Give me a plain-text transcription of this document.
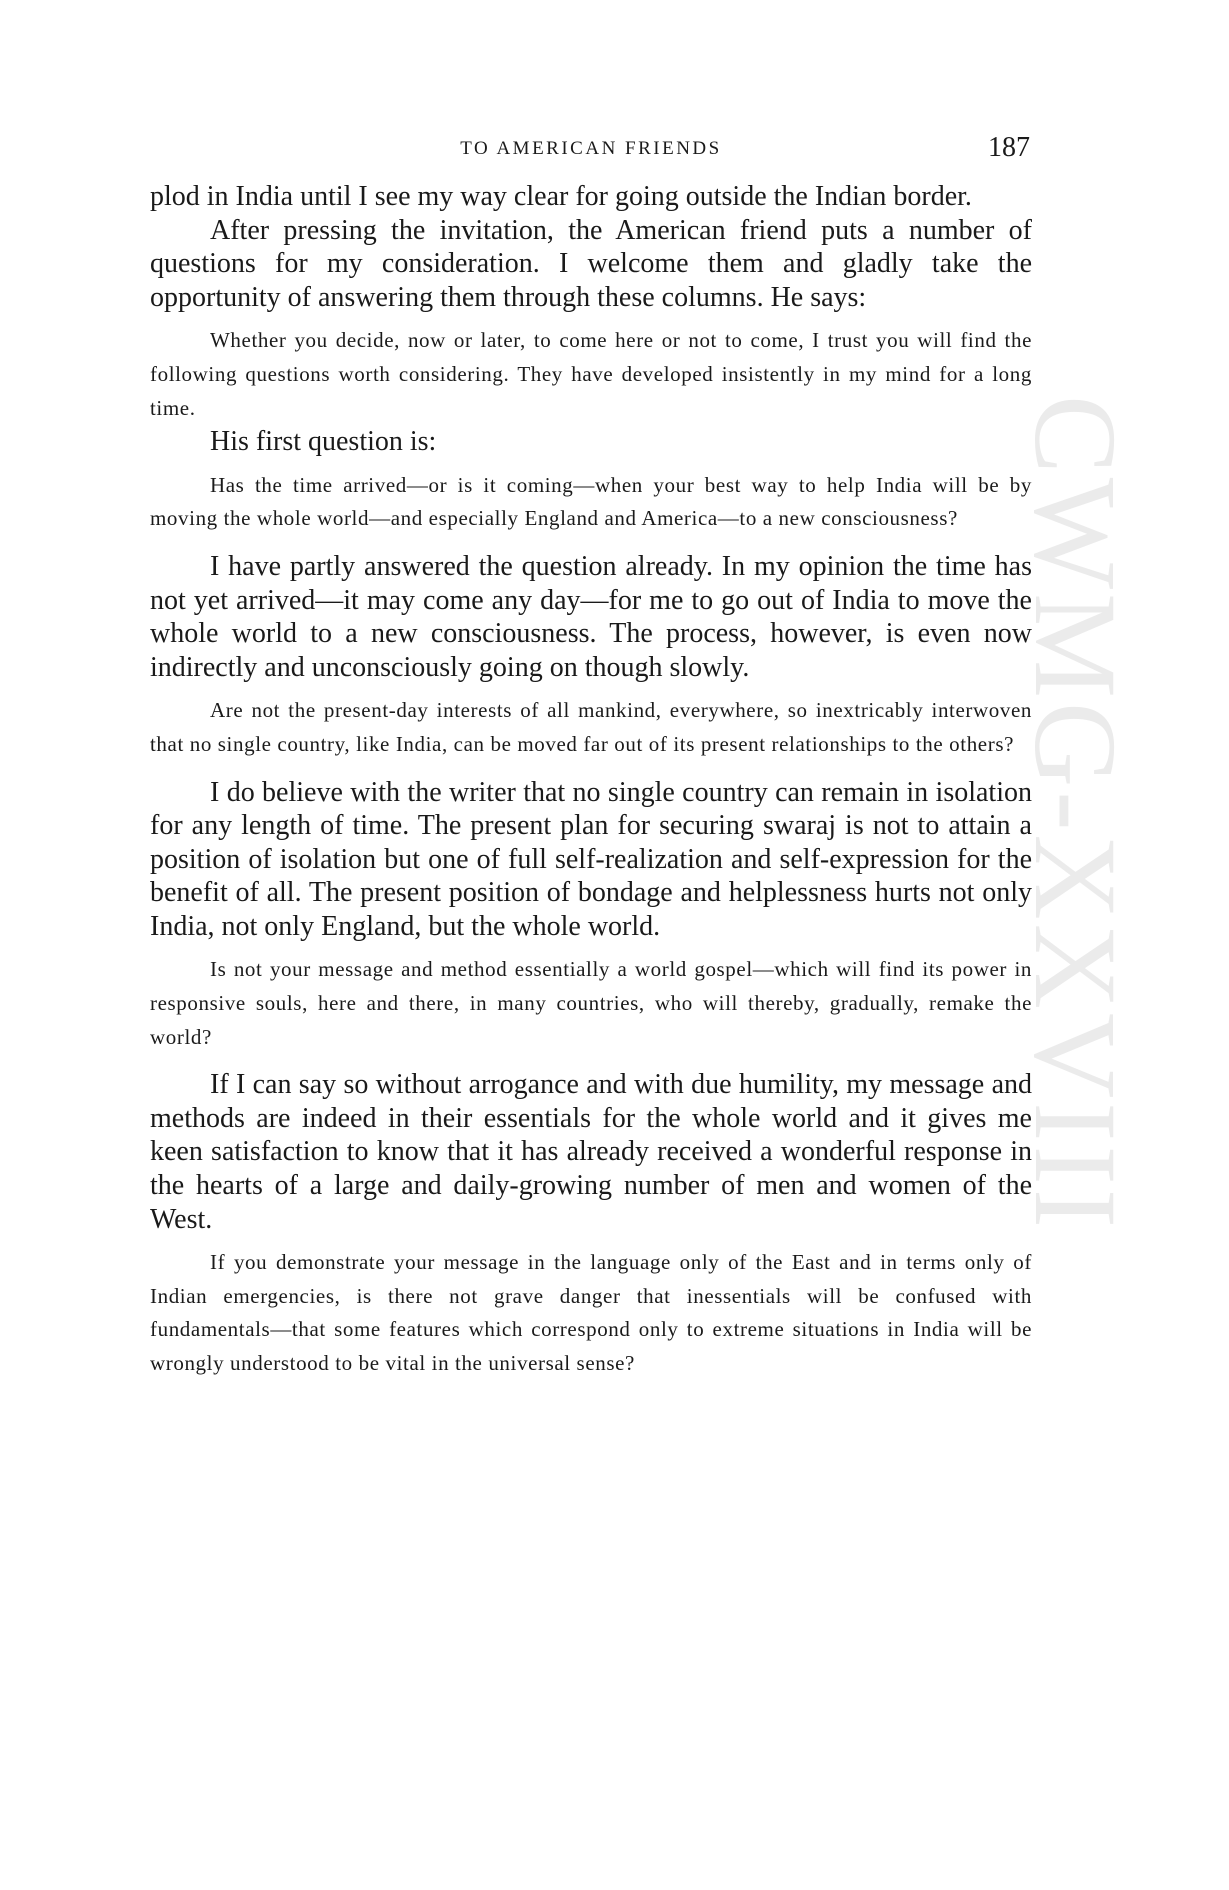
CWMG-XXVIII
TO AMERICAN FRIENDS	187

plod in India until I see my way clear for going outside the Indian border.

After pressing the invitation, the American friend puts a number of questions for my consideration. I welcome them and gladly take the opportunity of answering them through these columns. He says:

Whether you decide, now or later, to come here or not to come, I trust you will find the following questions worth considering. They have developed insistently in my mind for a long time.

His first question is:

Has the time arrived—or is it coming—when your best way to help India will be by moving the whole world—and especially England and America—to a new consciousness?

I have partly answered the question already. In my opinion the time has not yet arrived—it may come any day—for me to go out of India to move the whole world to a new consciousness. The process, however, is even now indirectly and unconsciously going on though slowly.

Are not the present-day interests of all mankind, everywhere, so inextricably interwoven that no single country, like India, can be moved far out of its present relationships to the others?

I do believe with the writer that no single country can remain in isolation for any length of time. The present plan for securing swaraj is not to attain a position of isolation but one of full self-realization and self-expression for the benefit of all. The present position of bondage and helplessness hurts not only India, not only England, but the whole world.

Is not your message and method essentially a world gospel—which will find its power in responsive souls, here and there, in many countries, who will thereby, gradually, remake the world?

If I can say so without arrogance and with due humility, my message and methods are indeed in their essentials for the whole world and it gives me keen satisfaction to know that it has already received a wonderful response in the hearts of a large and daily-growing number of men and women of the West.

If you demonstrate your message in the language only of the East and in terms only of Indian emergencies, is there not grave danger that inessentials will be confused with fundamentals—that some features which correspond only to extreme situations in India will be wrongly understood to be vital in the universal sense?
